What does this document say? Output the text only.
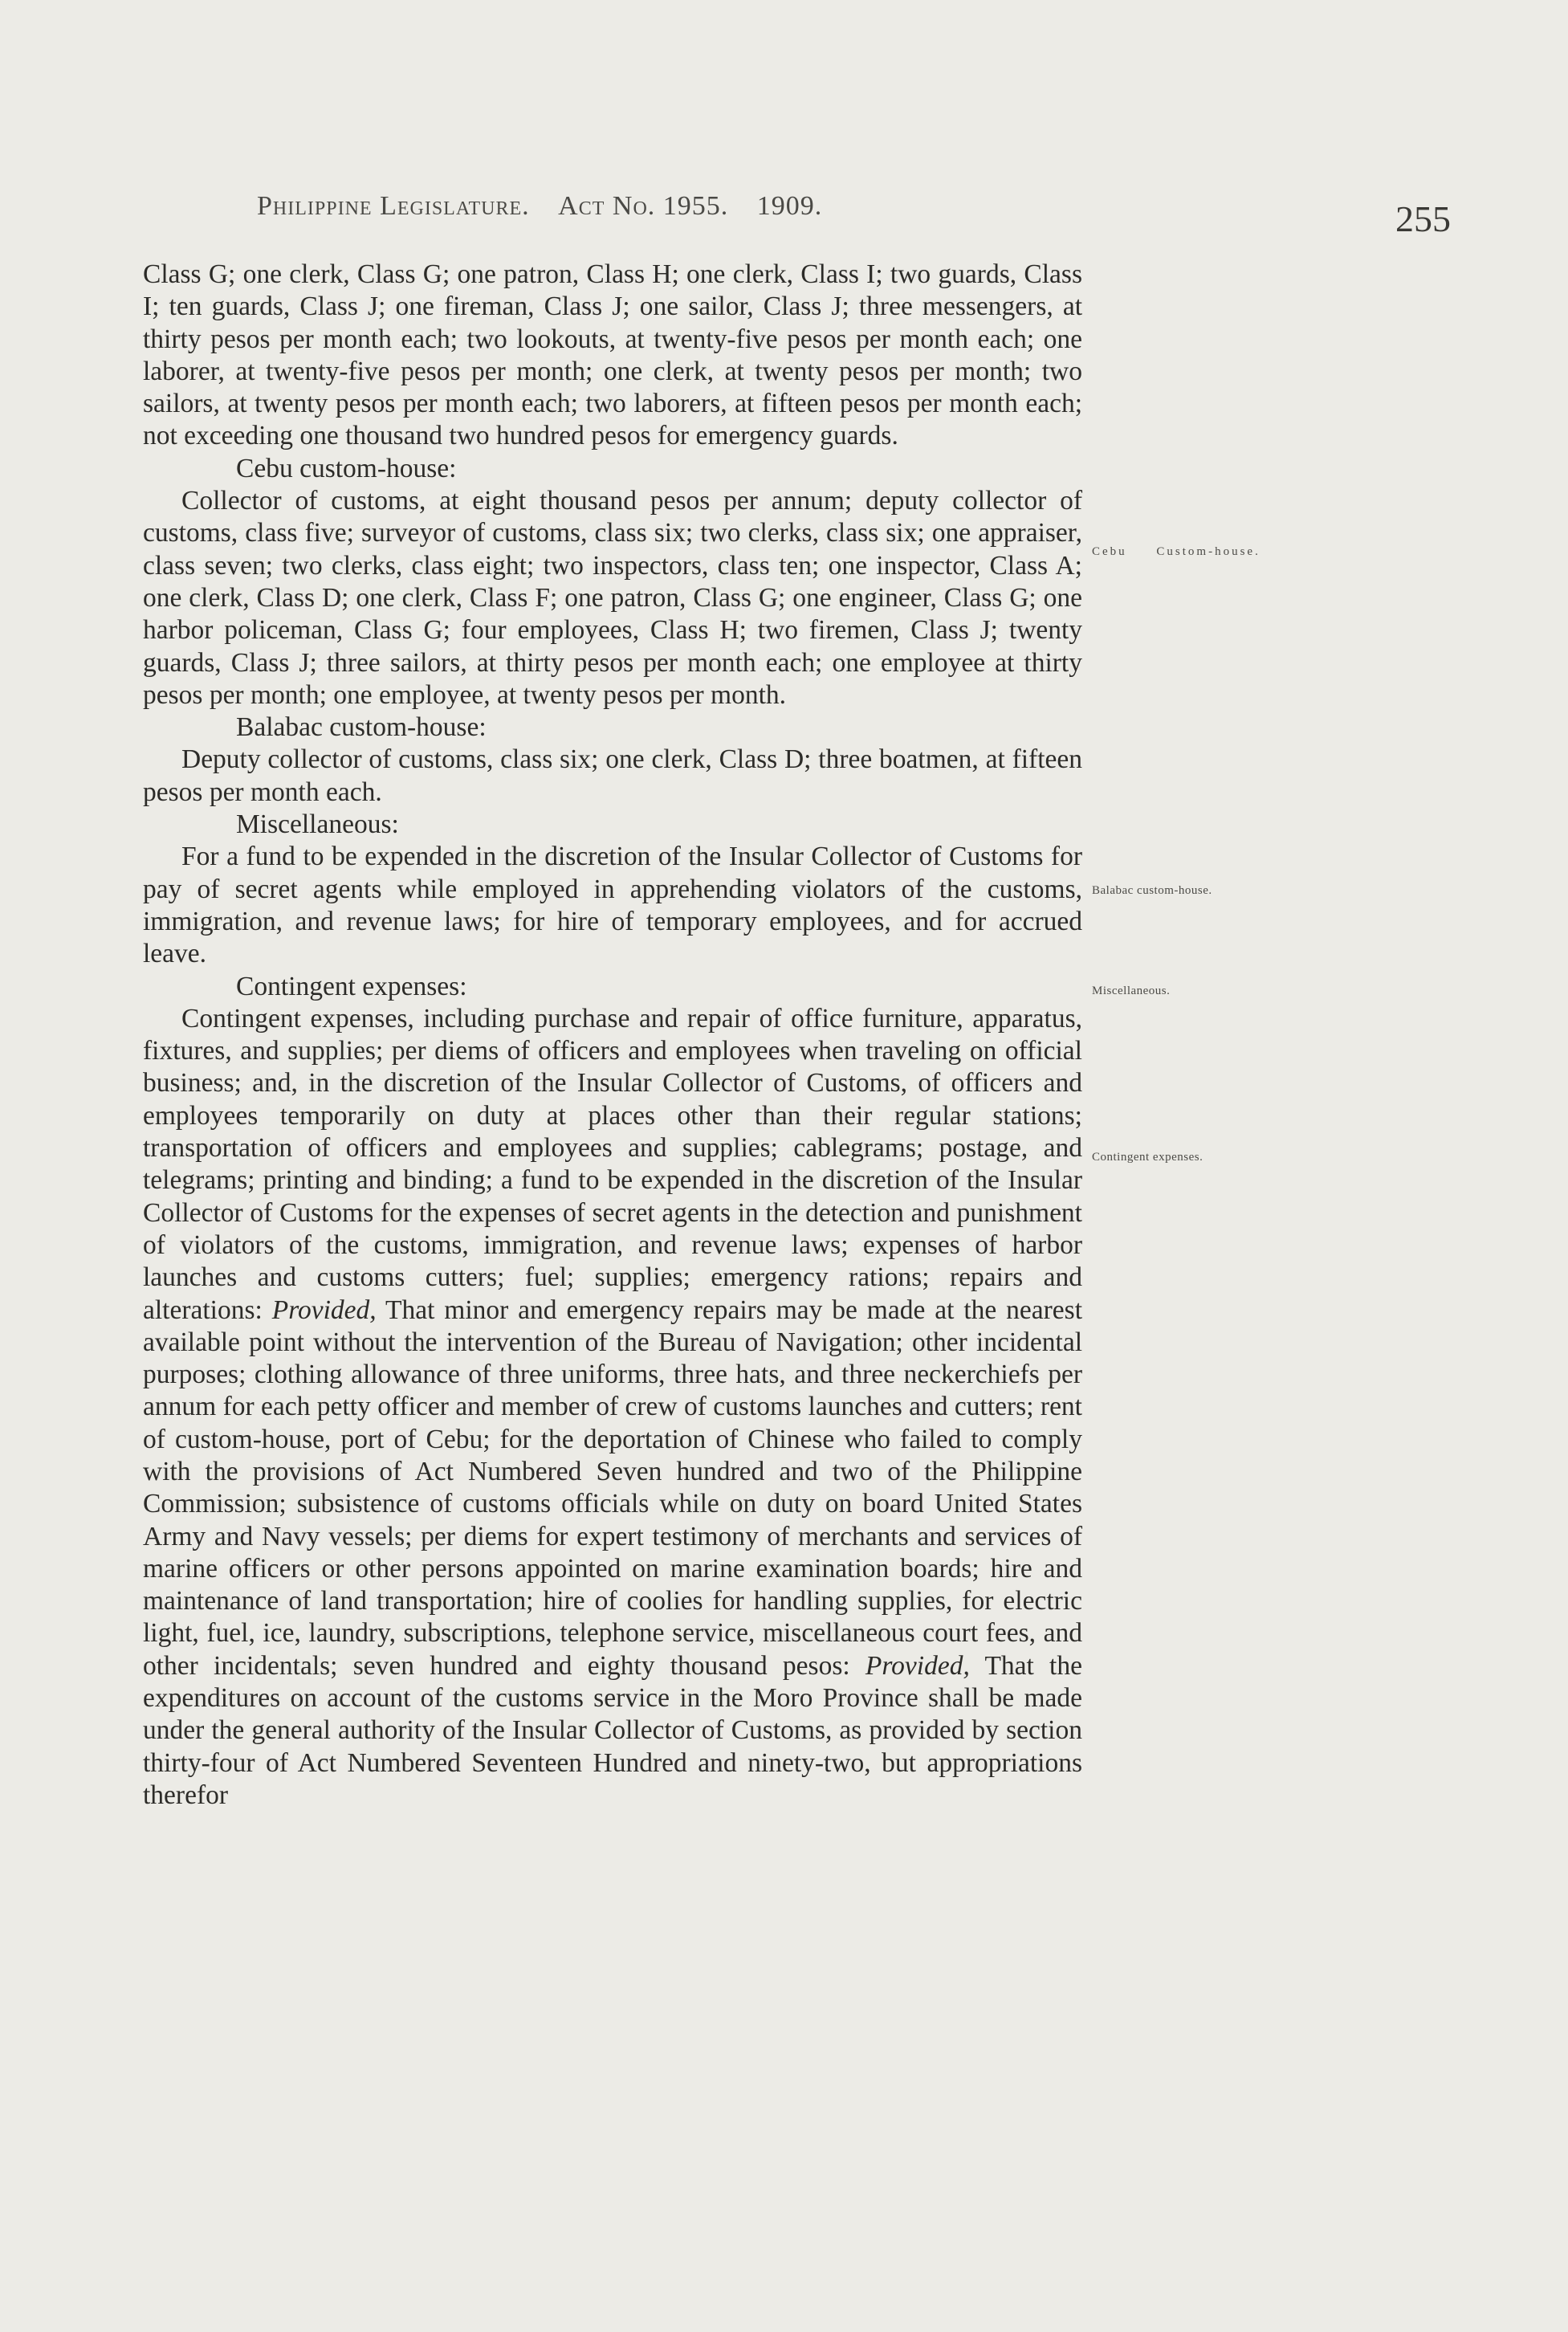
Philippine Legislature. Act No. 1955. 1909.	255

Class G; one clerk, Class G; one patron, Class H; one clerk, Class I; two guards, Class I; ten guards, Class J; one fireman, Class J; one sailor, Class J; three messengers, at thirty pesos per month each; two lookouts, at twenty-five pesos per month each; one laborer, at twenty-five pesos per month; one clerk, at twenty pesos per month; two sailors, at twenty pesos per month each; two laborers, at fifteen pesos per month each; not exceeding one thousand two hundred pesos for emergency guards.

Cebu custom-house:

Collector of customs, at eight thousand pesos per annum; deputy collector of customs, class five; surveyor of customs, class six; two clerks, class six; one appraiser, class seven; two clerks, class eight; two inspectors, class ten; one inspector, Class A; one clerk, Class D; one clerk, Class F; one patron, Class G; one engineer, Class G; one harbor policeman, Class G; four employees, Class H; two firemen, Class J; twenty guards, Class J; three sailors, at thirty pesos per month each; one employee at thirty pesos per month; one employee, at twenty pesos per month.

Balabac custom-house:

Deputy collector of customs, class six; one clerk, Class D; three boatmen, at fifteen pesos per month each.

Miscellaneous:

For a fund to be expended in the discretion of the Insular Collector of Customs for pay of secret agents while employed in apprehending violators of the customs, immigration, and revenue laws; for hire of temporary employees, and for accrued leave.

Contingent expenses:

Contingent expenses, including purchase and repair of office furniture, apparatus, fixtures, and supplies; per diems of officers and employees when traveling on official business; and, in the discretion of the Insular Collector of Customs, of officers and employees temporarily on duty at places other than their regular stations; transportation of officers and employees and supplies; cablegrams; postage, and telegrams; printing and binding; a fund to be expended in the discretion of the Insular Collector of Customs for the expenses of secret agents in the detection and punishment of violators of the customs, immigration, and revenue laws; expenses of harbor launches and customs cutters; fuel; supplies; emergency rations; repairs and alterations: Provided, That minor and emergency repairs may be made at the nearest available point without the intervention of the Bureau of Navigation; other incidental purposes; clothing allowance of three uniforms, three hats, and three neckerchiefs per annum for each petty officer and member of crew of customs launches and cutters; rent of custom-house, port of Cebu; for the deportation of Chinese who failed to comply with the provisions of Act Numbered Seven hundred and two of the Philippine Commission; subsistence of customs officials while on duty on board United States Army and Navy vessels; per diems for expert testimony of merchants and services of marine officers or other persons appointed on marine examination boards; hire and maintenance of land transportation; hire of coolies for handling supplies, for electric light, fuel, ice, laundry, subscriptions, telephone service, miscellaneous court fees, and other incidentals; seven hundred and eighty thousand pesos: Provided, That the expenditures on account of the customs service in the Moro Province shall be made under the general authority of the Insular Collector of Customs, as provided by section thirty-four of Act Numbered Seventeen Hundred and ninety-two, but appropriations therefor

Cebu Custom-house.
Balabac custom-house.
Miscellaneous.
Contingent expenses.
